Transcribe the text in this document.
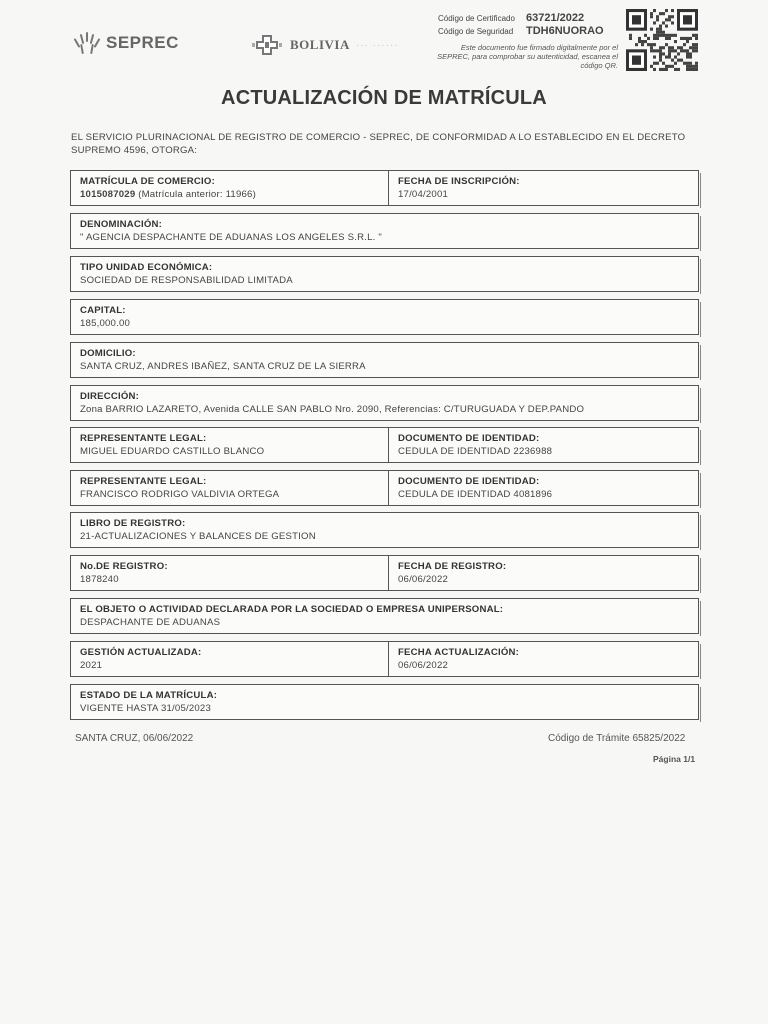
SEPREC	BOLIVIA ··· ······
Código de Certificado	63721/2022
Código de Seguridad	TDH6NUORAO
Este documento fue firmado digitalmente por el SEPREC, para comprobar su autenticidad, escanea el código QR.
ACTUALIZACIÓN DE MATRÍCULA
EL SERVICIO PLURINACIONAL DE REGISTRO DE COMERCIO - SEPREC, DE CONFORMIDAD A LO ESTABLECIDO EN EL DECRETO SUPREMO 4596, OTORGA:
MATRÍCULA DE COMERCIO:
1015087029 (Matrícula anterior: 11966)
FECHA DE INSCRIPCIÓN:
17/04/2001
DENOMINACIÓN:
" AGENCIA DESPACHANTE DE ADUANAS LOS ANGELES S.R.L. "
TIPO UNIDAD ECONÓMICA:
SOCIEDAD DE RESPONSABILIDAD LIMITADA
CAPITAL:
185,000.00
DOMICILIO:
SANTA CRUZ, ANDRES IBAÑEZ, SANTA CRUZ DE LA SIERRA
DIRECCIÓN:
Zona BARRIO LAZARETO, Avenida CALLE SAN PABLO Nro. 2090, Referencias: C/TURUGUADA Y DEP.PANDO
REPRESENTANTE LEGAL:
MIGUEL EDUARDO CASTILLO BLANCO
DOCUMENTO DE IDENTIDAD:
CEDULA DE IDENTIDAD 2236988
REPRESENTANTE LEGAL:
FRANCISCO RODRIGO VALDIVIA ORTEGA
DOCUMENTO DE IDENTIDAD:
CEDULA DE IDENTIDAD 4081896
LIBRO DE REGISTRO:
21-ACTUALIZACIONES Y BALANCES DE GESTION
No.DE REGISTRO:
1878240
FECHA DE REGISTRO:
06/06/2022
EL OBJETO O ACTIVIDAD DECLARADA POR LA SOCIEDAD O EMPRESA UNIPERSONAL:
DESPACHANTE DE ADUANAS
GESTIÓN ACTUALIZADA:
2021
FECHA ACTUALIZACIÓN:
06/06/2022
ESTADO DE LA MATRÍCULA:
VIGENTE HASTA 31/05/2023
SANTA CRUZ, 06/06/2022	Código de Trámite 65825/2022
Página 1/1
